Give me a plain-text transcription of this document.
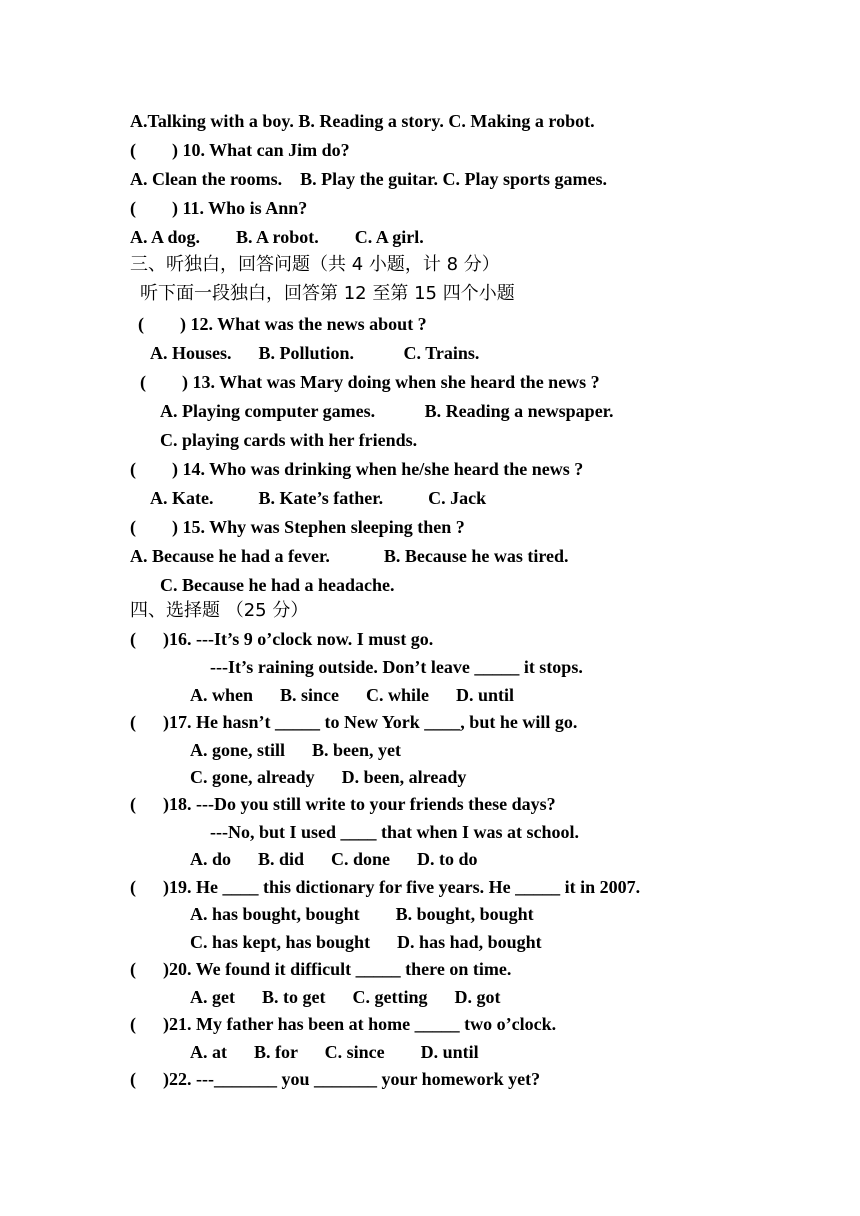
A.Talking with a boy. B. Reading a story. C. Making a robot.
(        ) 10. What can Jim do?
A. Clean the rooms.    B. Play the guitar. C. Play sports games.
(        ) 11. Who is Ann?
A. A dog.        B. A robot.        C. A girl.
三、听独白，回答问题（共 4 小题，计 8 分）
听下面一段独白，回答第 12 至第 15 四个小题
(        ) 12. What was the news about ?
A. Houses.      B. Pollution.           C. Trains.
(        ) 13. What was Mary doing when she heard the news ?
A. Playing computer games.           B. Reading a newspaper.
C. playing cards with her friends.
(        ) 14. Who was drinking when he/she heard the news ?
A. Kate.          B. Kate’s father.          C. Jack
(        ) 15. Why was Stephen sleeping then ?
A. Because he had a fever.            B. Because he was tired.
C. Because he had a headache.
四、选择题 （25 分）
(      )16. ---It’s 9 o’clock now. I must go.
---It’s raining outside. Don’t leave _____ it stops.
A. when      B. since      C. while      D. until
(      )17. He hasn’t _____ to New York ____, but he will go.
A. gone, still      B. been, yet
C. gone, already      D. been, already
(      )18. ---Do you still write to your friends these days?
---No, but I used ____ that when I was at school.
A. do      B. did      C. done      D. to do
(      )19. He ____ this dictionary for five years. He _____ it in 2007.
A. has bought, bought        B. bought, bought
C. has kept, has bought      D. has had, bought
(      )20. We found it difficult _____ there on time.
A. get      B. to get      C. getting      D. got
(      )21. My father has been at home _____ two o’clock.
A. at      B. for      C. since        D. until
(      )22. ---_______ you _______ your homework yet?
